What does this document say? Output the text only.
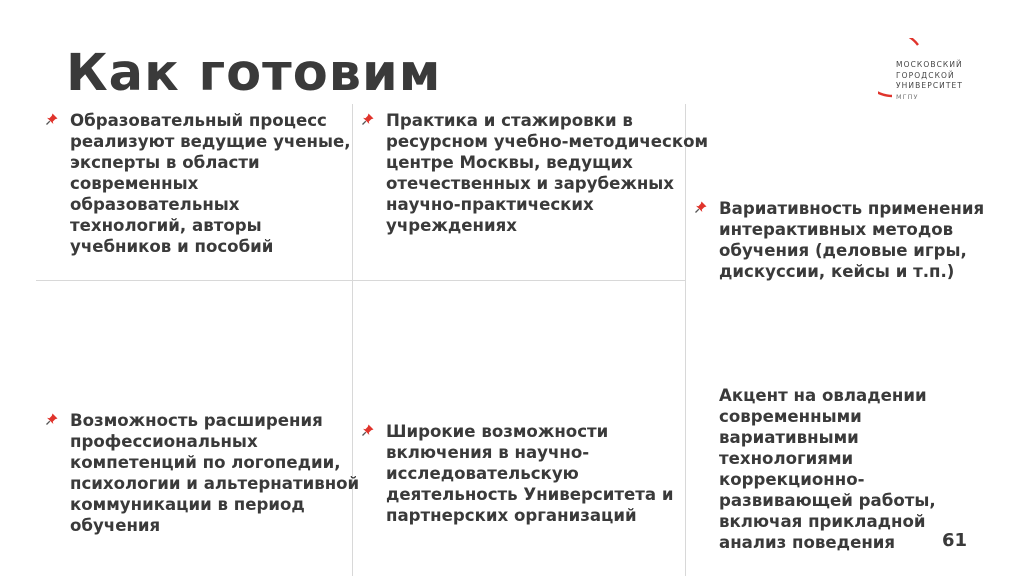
Как готовим	МОСКОВСКИЙ
ГОРОДСКОЙ
УНИВЕРСИТЕТ
МГПУ
Образовательный процесс реализуют ведущие ученые, эксперты в области современных образовательных технологий, авторы учебников и пособий
Практика и стажировки в ресурсном учебно-методическом центре Москвы, ведущих отечественных и зарубежных научно-практических учреждениях
Вариативность применения интерактивных методов обучения (деловые игры, дискуссии, кейсы и т.п.)
Возможность расширения профессиональных компетенций по логопедии, психологии и альтернативной коммуникации в период обучения
Широкие возможности включения в научно-исследовательскую деятельность Университета и партнерских организаций
Акцент на овладении современными вариативными технологиями коррекционно-развивающей работы, включая прикладной анализ поведения	61
